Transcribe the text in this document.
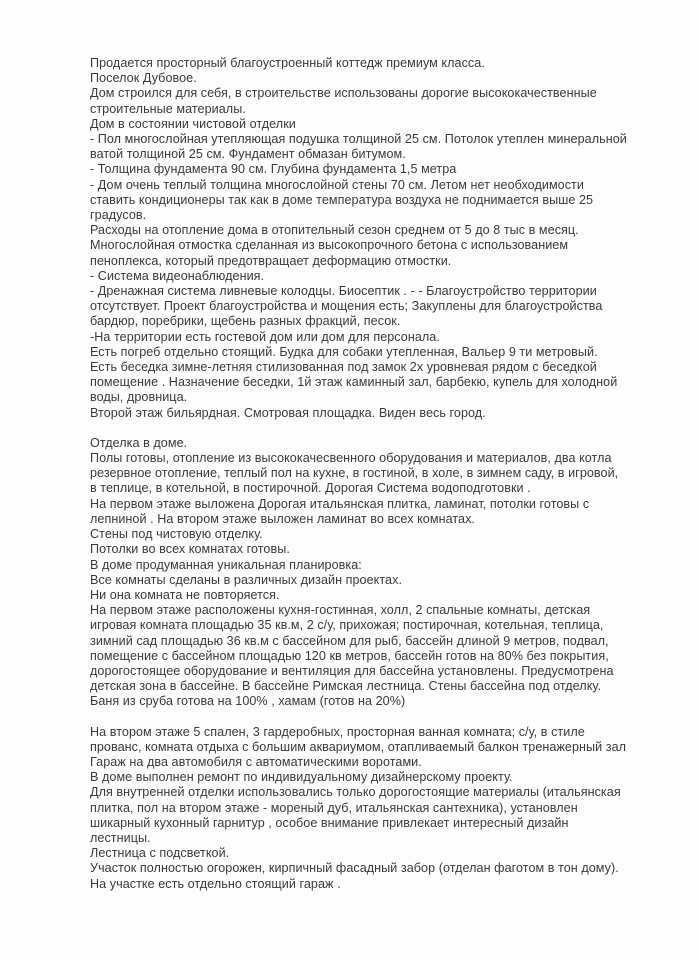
Продается просторный благоустроенный коттедж премиум класса.
Поселок Дубовое.
Дом строился для себя, в строительстве использованы дорогие высококачественные
строительные материалы.
Дом в состоянии чистовой отделки
- Пол многослойная утепляющая подушка толщиной 25 см. Потолок утеплен минеральной
ватой толщиной 25 см. Фундамент обмазан битумом.
- Толщина фундамента 90 см. Глубина фундамента 1,5 метра
- Дом очень теплый толщина многослойной стены 70 см. Летом нет необходимости
ставить кондиционеры так как в доме температура воздуха не поднимается выше 25
градусов.
Расходы на отопление дома в отопительный сезон среднем от 5 до 8 тыс в месяц.
Многослойная отмостка сделанная из высокопрочного бетона с использованием
пеноплекса, который предотвращает деформацию отмостки.
- Система видеонаблюдения.
- Дренажная система ливневые колодцы. Биосептик . - - Благоустройство территории
отсутствует. Проект благоустройства и мощения есть; Закуплены для благоустройства
бардюр, поребрики, щебень разных фракций, песок.
-На территории есть гостевой дом или дом для персонала.
Есть погреб отдельно стоящий. Будка для собаки утепленная, Вальер 9 ти метровый.
Есть беседка зимне-летняя стилизованная под замок 2х уровневая рядом с беседкой
помещение . Назначение беседки, 1й этаж каминный зал, барбекю, купель для холодной
воды, дровница.
Второй этаж бильярдная. Смотровая площадка. Виден весь город.
Отделка в доме.
Полы готовы, отопление из высококачесвенного оборудования и материалов, два котла
резервное отопление, теплый пол на кухне, в гостиной, в холе, в зимнем саду, в игровой,
в теплице, в котельной, в постирочной. Дорогая Система водоподготовки .
На первом этаже выложена Дорогая итальянская плитка, ламинат, потолки готовы с
лепниной . На втором этаже выложен ламинат во всех комнатах.
Стены под чистовую отделку.
Потолки во всех комнатах готовы.
В доме продуманная уникальная планировка:
Все комнаты сделаны в различных дизайн проектах.
Ни она комната не повторяется.
На первом этаже расположены кухня-гостинная, холл, 2 спальные комнаты, детская
игровая комната площадью 35 кв.м, 2 с/у, прихожая; постирочная, котельная, теплица,
зимний сад площадью 36 кв.м с бассейном для рыб, бассейн длиной 9 метров, подвал,
помещение с бассейном площадью 120 кв метров, бассейн готов на 80% без покрытия,
дорогостоящее оборудование и вентиляция для бассейна установлены. Предусмотрена
детская зона в бассейне. В бассейне Римская лестница. Стены бассейна под отделку.
Баня из сруба готова на 100% , хамам (готов на 20%)
На втором этаже 5 спален, 3 гардеробных, просторная ванная комната; с/у, в стиле
прованс, комната отдыха с большим аквариумом, отапливаемый балкон тренажерный зал
Гараж на два автомобиля с автоматическими воротами.
В доме выполнен ремонт по индивидуальному дизайнерскому проекту.
Для внутренней отделки использовались только дорогостоящие материалы (итальянская
плитка, пол на втором этаже - мореный дуб, итальянская сантехника), установлен
шикарный кухонный гарнитур , особое внимание привлекает интересный дизайн
лестницы.
Лестница с подсветкой.
Участок полностью огорожен, кирпичный фасадный забор (отделан фаготом в тон дому).
На участке есть отдельно стоящий гараж .
